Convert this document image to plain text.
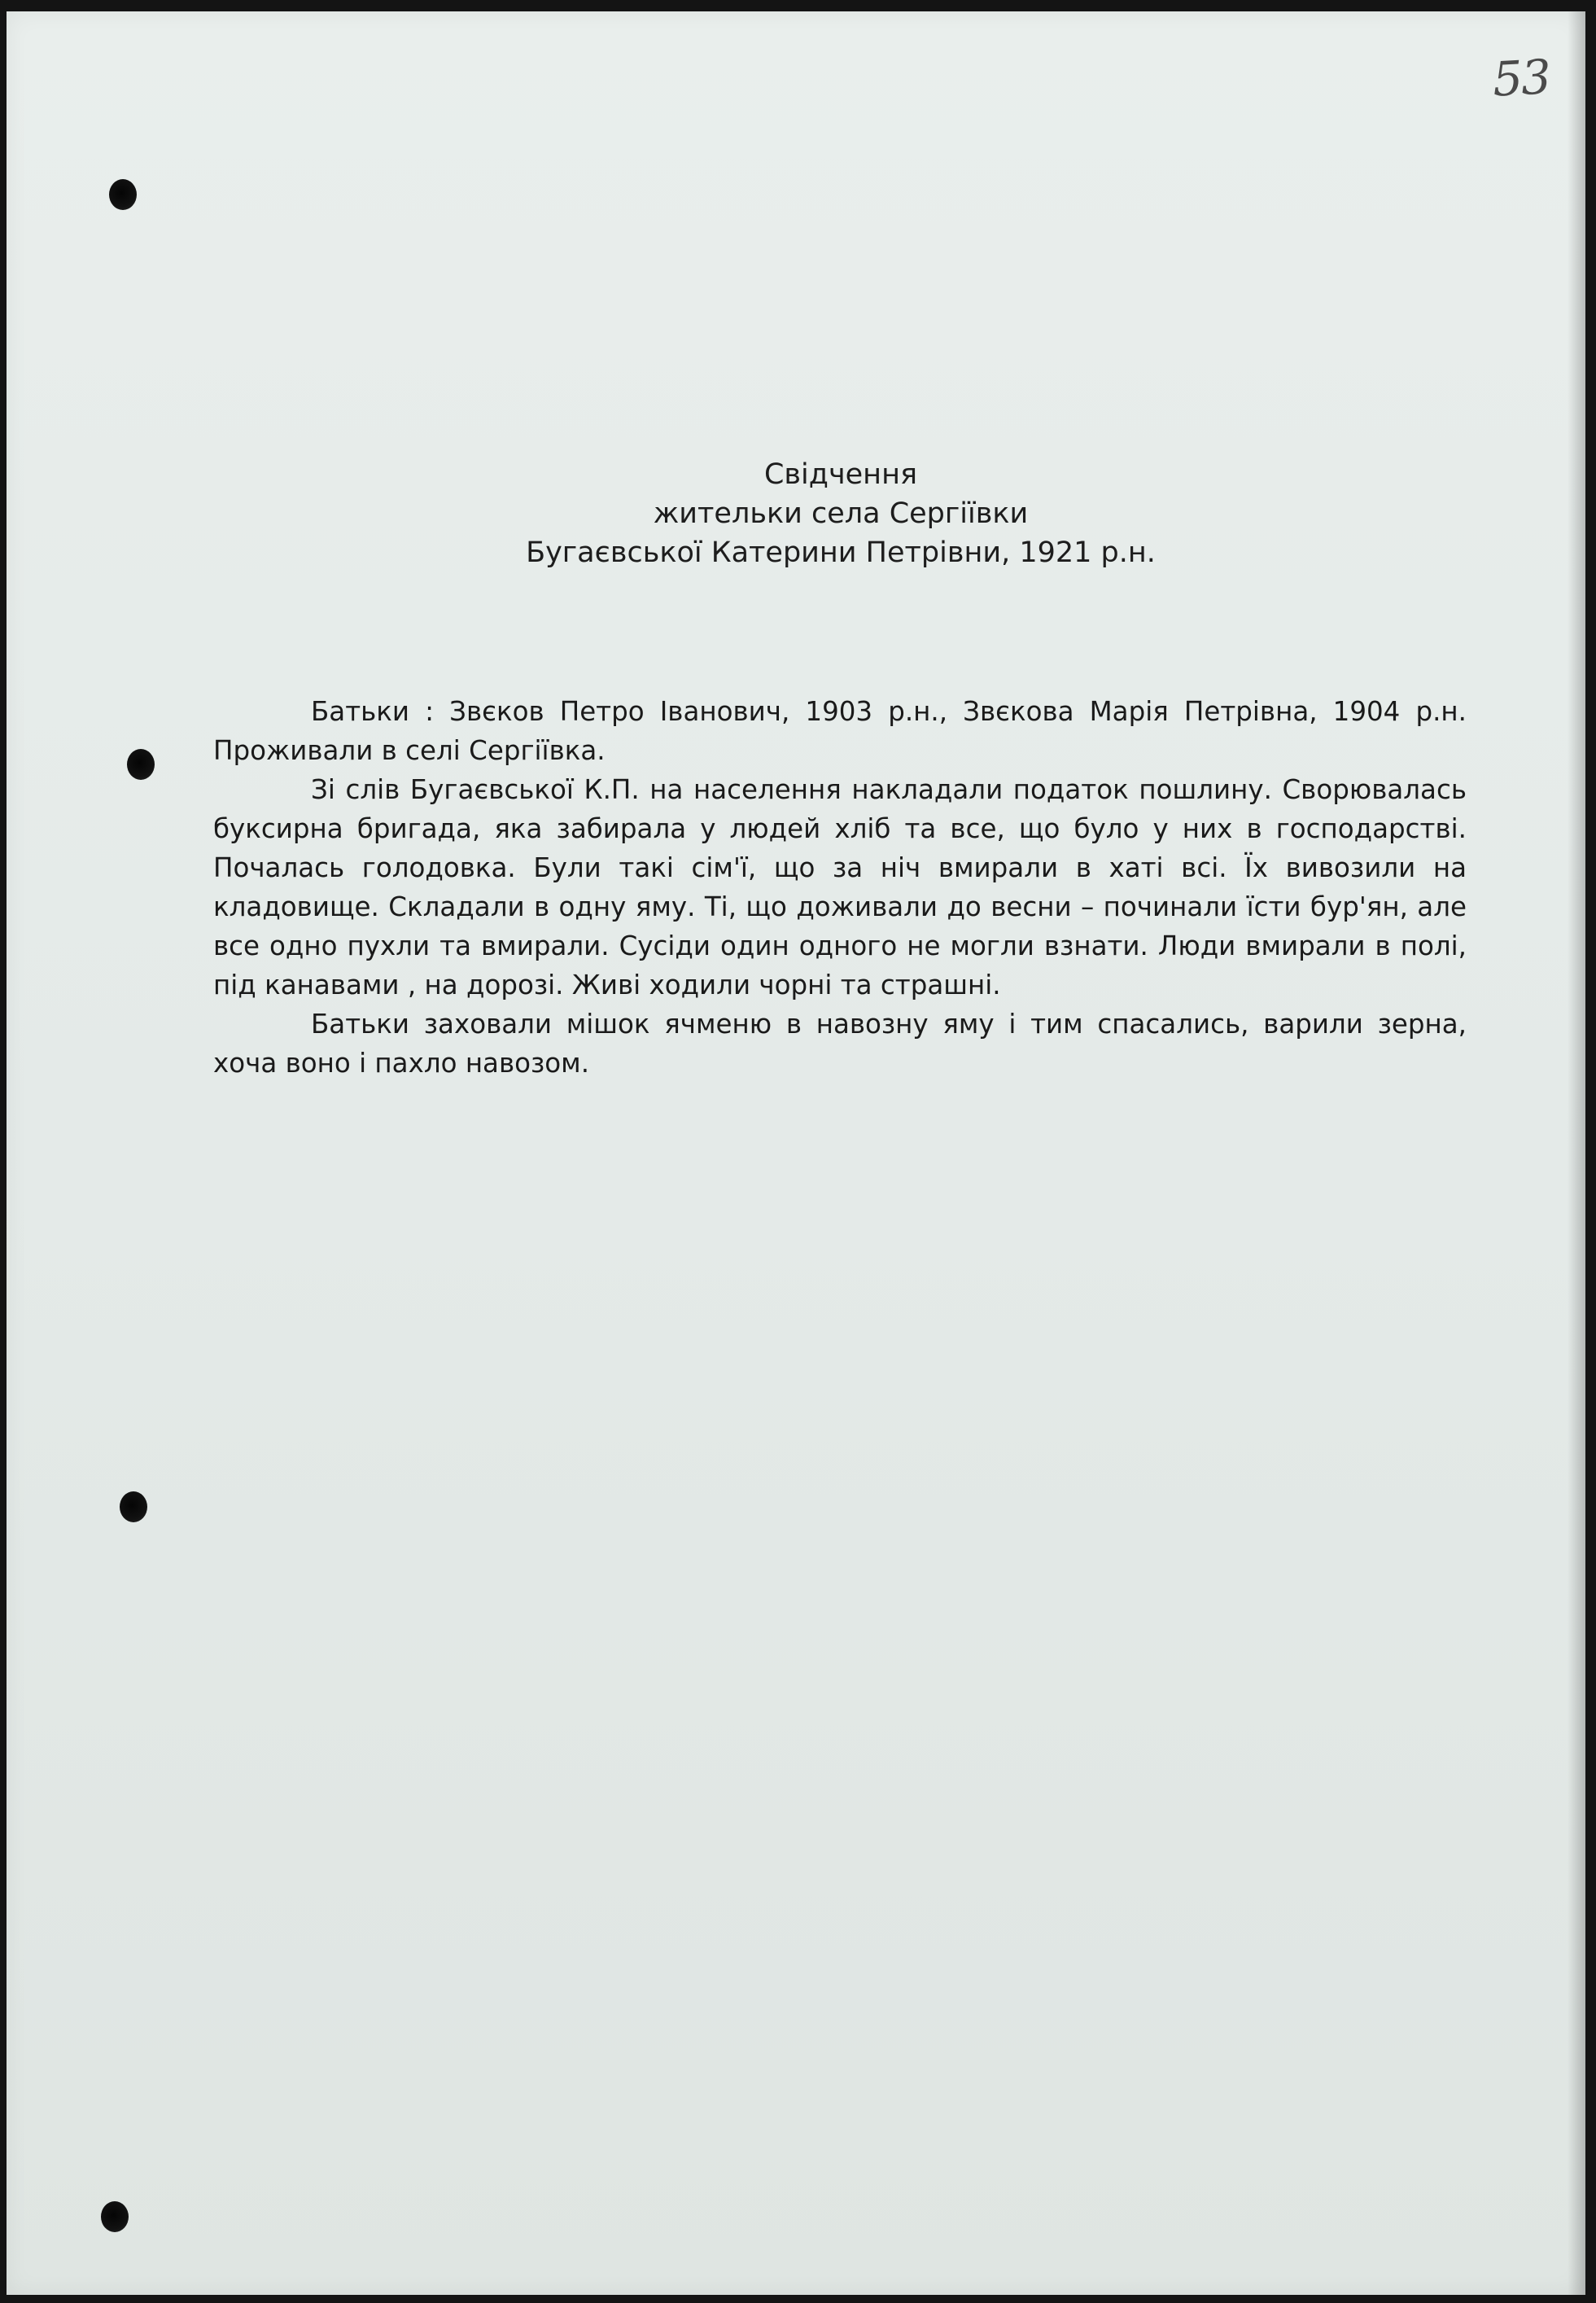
53
Свідчення
жительки села Сергіївки
Бугаєвської Катерини Петрівни, 1921 р.н.

Батьки : Звєков Петро Іванович, 1903 р.н., Звєкова Марія Петрівна, 1904 р.н. Проживали в селі Сергіївка.

Зі слів Бугаєвської К.П. на населення накладали податок пошлину. Сворювалась буксирна бригада, яка забирала у людей хліб та все, що було у них в господарстві. Почалась голодовка. Були такі сім'ї, що за ніч вмирали в хаті всі. Їх вивозили на кладовище. Складали в одну яму. Ті, що доживали до весни – починали їсти бур'ян, але все одно пухли та вмирали. Сусіди один одного не могли взнати. Люди вмирали в полі, під канавами , на дорозі. Живі ходили чорні та страшні.

Батьки заховали мішок ячменю в навозну яму і тим спасались, варили зерна, хоча воно і пахло навозом.
